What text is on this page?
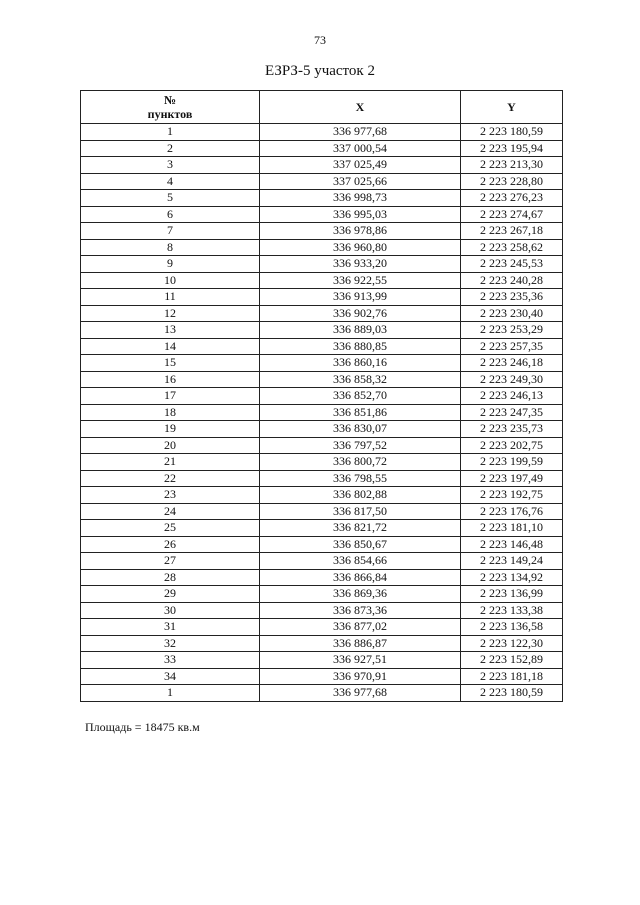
73
ЕЗРЗ-5 участок 2
№
пунктов	X	Y
1	336 977,68	2 223 180,59
2	337 000,54	2 223 195,94
3	337 025,49	2 223 213,30
4	337 025,66	2 223 228,80
5	336 998,73	2 223 276,23
6	336 995,03	2 223 274,67
7	336 978,86	2 223 267,18
8	336 960,80	2 223 258,62
9	336 933,20	2 223 245,53
10	336 922,55	2 223 240,28
11	336 913,99	2 223 235,36
12	336 902,76	2 223 230,40
13	336 889,03	2 223 253,29
14	336 880,85	2 223 257,35
15	336 860,16	2 223 246,18
16	336 858,32	2 223 249,30
17	336 852,70	2 223 246,13
18	336 851,86	2 223 247,35
19	336 830,07	2 223 235,73
20	336 797,52	2 223 202,75
21	336 800,72	2 223 199,59
22	336 798,55	2 223 197,49
23	336 802,88	2 223 192,75
24	336 817,50	2 223 176,76
25	336 821,72	2 223 181,10
26	336 850,67	2 223 146,48
27	336 854,66	2 223 149,24
28	336 866,84	2 223 134,92
29	336 869,36	2 223 136,99
30	336 873,36	2 223 133,38
31	336 877,02	2 223 136,58
32	336 886,87	2 223 122,30
33	336 927,51	2 223 152,89
34	336 970,91	2 223 181,18
1	336 977,68	2 223 180,59
Площадь = 18475 кв.м
